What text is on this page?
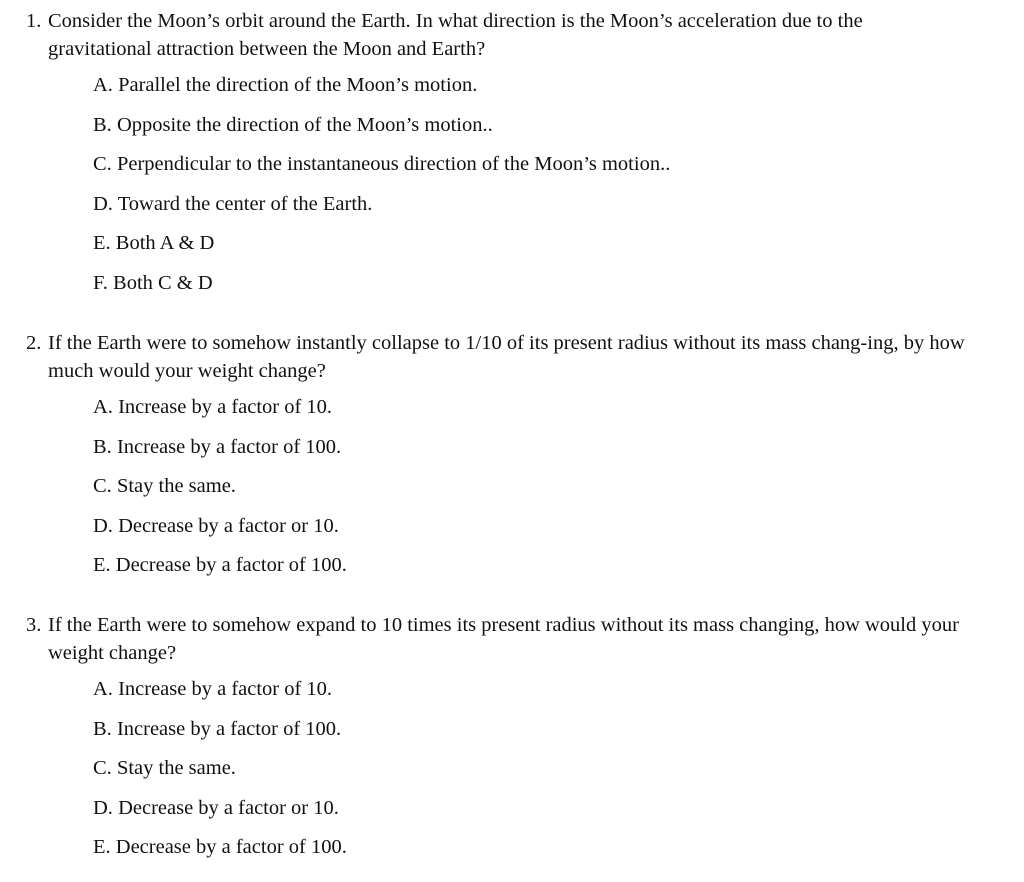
1. Consider the Moon’s orbit around the Earth. In what direction is the Moon’s acceleration due to the gravitational attraction between the Moon and Earth?

A. Parallel the direction of the Moon’s motion.
B. Opposite the direction of the Moon’s motion..
C. Perpendicular to the instantaneous direction of the Moon’s motion..
D. Toward the center of the Earth.
E. Both A & D
F. Both C & D

2. If the Earth were to somehow instantly collapse to 1/10 of its present radius without its mass chang-ing, by how much would your weight change?

A. Increase by a factor of 10.
B. Increase by a factor of 100.
C. Stay the same.
D. Decrease by a factor or 10.
E. Decrease by a factor of 100.

3. If the Earth were to somehow expand to 10 times its present radius without its mass changing, how would your weight change?

A. Increase by a factor of 10.
B. Increase by a factor of 100.
C. Stay the same.
D. Decrease by a factor or 10.
E. Decrease by a factor of 100.
